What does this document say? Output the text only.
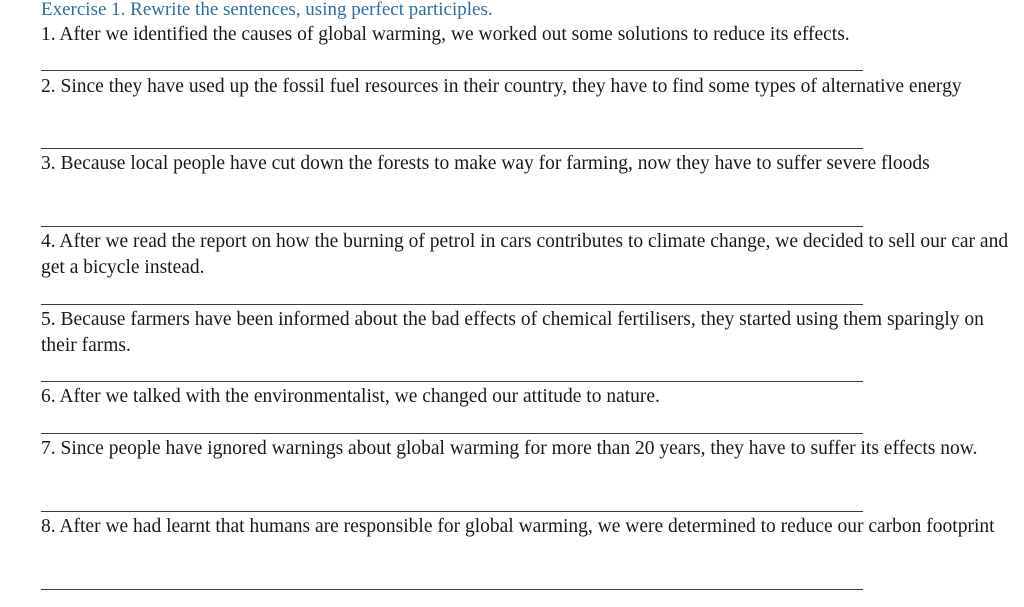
Exercise 1. Rewrite the sentences, using perfect participles.

1. After we identified the causes of global warming, we worked out some solutions to reduce its effects.

2. Since they have used up the fossil fuel resources in their country, they have to find some types of alternative energy

3. Because local people have cut down the forests to make way for farming, now they have to suffer severe floods

4. After we read the report on how the burning of petrol in cars contributes to climate change, we decided to sell our car and get a bicycle instead.

5. Because farmers have been informed about the bad effects of chemical fertilisers, they started using them sparingly on their farms.

6. After we talked with the environmentalist, we changed our attitude to nature.

7. Since people have ignored warnings about global warming for more than 20 years, they have to suffer its effects now.

8. After we had learnt that humans are responsible for global warming, we were determined to reduce our carbon footprint
